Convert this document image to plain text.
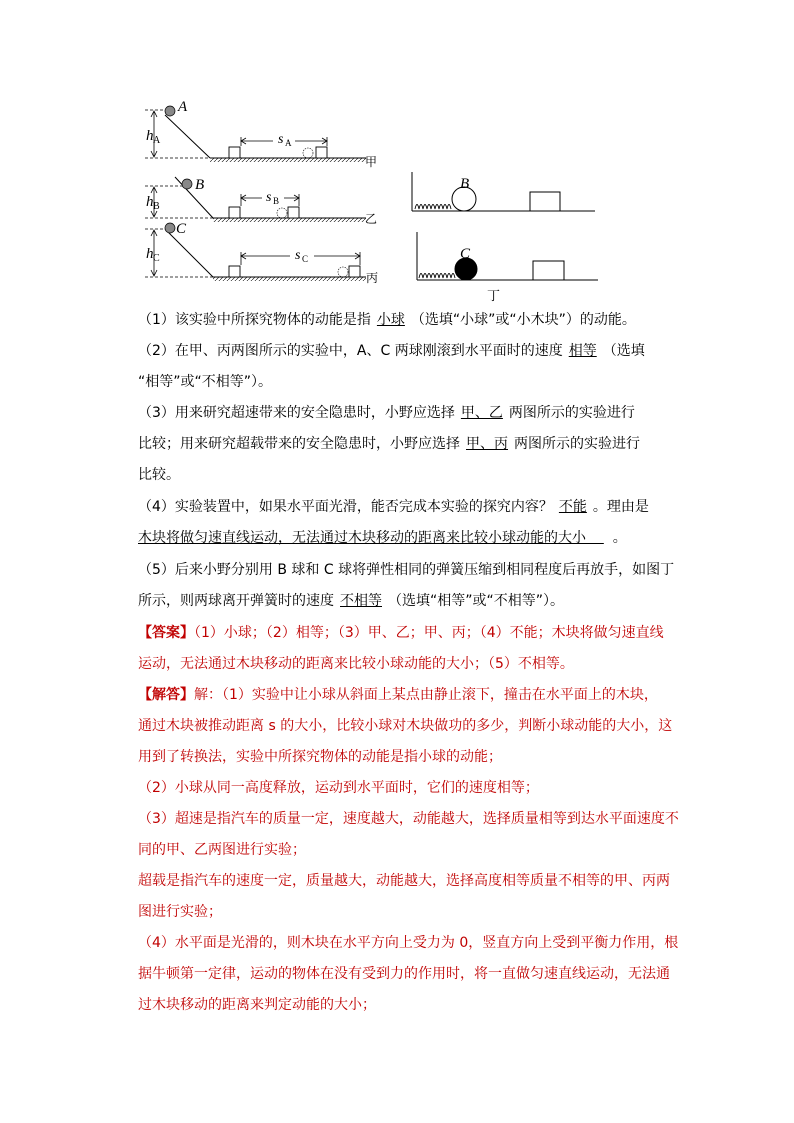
A
h A	s A
甲
B
h B
s B
乙
C
h C	s C
丙
B
C
丁
（1）该实验中所探究物体的动能是指 小球 （选填“小球”或“小木块”）的动能。
（2）在甲、丙两图所示的实验中，A、C 两球刚滚到水平面时的速度 相等 （选填
“相等”或“不相等”）。
（3）用来研究超速带来的安全隐患时，小野应选择 甲、乙 两图所示的实验进行
比较；用来研究超载带来的安全隐患时，小野应选择 甲、丙 两图所示的实验进行
比较。
（4）实验装置中，如果水平面光滑，能否完成本实验的探究内容？ 不能 。理由是
木块将做匀速直线运动，无法通过木块移动的距离来比较小球动能的大小 。
（5）后来小野分别用 B 球和 C 球将弹性相同的弹簧压缩到相同程度后再放手，如图丁
所示，则两球离开弹簧时的速度 不相等 （选填“相等”或“不相等”）。
【答案】（1）小球；（2）相等；（3）甲、乙；甲、丙；（4）不能；木块将做匀速直线
运动，无法通过木块移动的距离来比较小球动能的大小；（5）不相等。
【解答】解：（1）实验中让小球从斜面上某点由静止滚下，撞击在水平面上的木块，
通过木块被推动距离 s 的大小，比较小球对木块做功的多少，判断小球动能的大小，这
用到了转换法，实验中所探究物体的动能是指小球的动能；
（2）小球从同一高度释放，运动到水平面时，它们的速度相等；
（3）超速是指汽车的质量一定，速度越大，动能越大，选择质量相等到达水平面速度不
同的甲、乙两图进行实验；
超载是指汽车的速度一定，质量越大，动能越大，选择高度相等质量不相等的甲、丙两
图进行实验；
（4）水平面是光滑的，则木块在水平方向上受力为 0，竖直方向上受到平衡力作用，根
据牛顿第一定律，运动的物体在没有受到力的作用时，将一直做匀速直线运动，无法通
过木块移动的距离来判定动能的大小；
